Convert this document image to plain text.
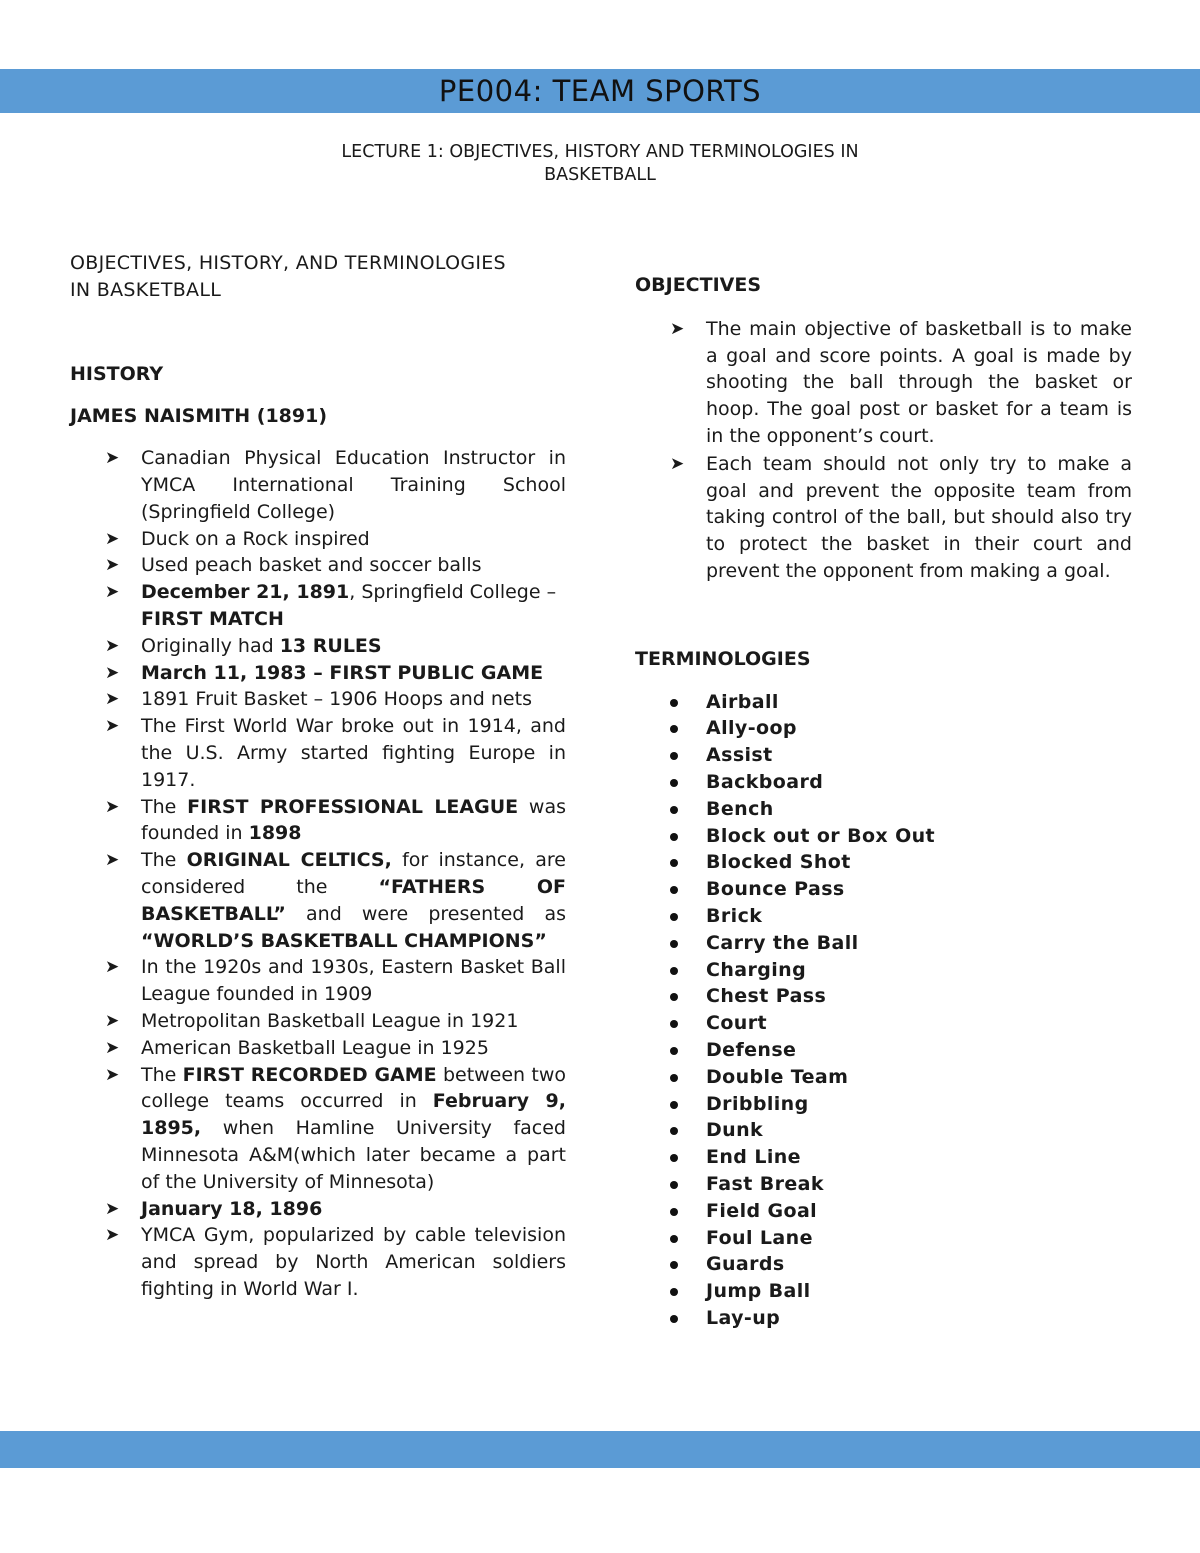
PE004: TEAM SPORTS
LECTURE 1: OBJECTIVES, HISTORY AND TERMINOLOGIES IN
BASKETBALL

OBJECTIVES, HISTORY, AND TERMINOLOGIES
IN BASKETBALL

HISTORY

JAMES NAISMITH (1891)

➤ Canadian Physical Education Instructor in YMCA International Training School (Springfield College)
➤ Duck on a Rock inspired
➤ Used peach basket and soccer balls
➤ December 21, 1891, Springfield College –
FIRST MATCH
➤ Originally had 13 RULES
➤ March 11, 1983 – FIRST PUBLIC GAME
➤ 1891 Fruit Basket – 1906 Hoops and nets
➤ The First World War broke out in 1914, and the U.S. Army started fighting Europe in 1917.
➤ The FIRST PROFESSIONAL LEAGUE was founded in 1898
➤ The ORIGINAL CELTICS, for instance, are considered the “FATHERS OF BASKETBALL” and were presented as “WORLD’S BASKETBALL CHAMPIONS”
➤ In the 1920s and 1930s, Eastern Basket Ball League founded in 1909
➤ Metropolitan Basketball League in 1921
➤ American Basketball League in 1925
➤ The FIRST RECORDED GAME between two college teams occurred in February 9, 1895, when Hamline University faced Minnesota A&M(which later became a part of the University of Minnesota)
➤ January 18, 1896
➤ YMCA Gym, popularized by cable television and spread by North American soldiers fighting in World War I.

OBJECTIVES

➤ The main objective of basketball is to make a goal and score points. A goal is made by shooting the ball through the basket or hoop. The goal post or basket for a team is in the opponent’s court.
➤ Each team should not only try to make a goal and prevent the opposite team from taking control of the ball, but should also try to protect the basket in their court and prevent the opponent from making a goal.

TERMINOLOGIES

Airball
Ally-oop
Assist
Backboard
Bench
Block out or Box Out
Blocked Shot
Bounce Pass
Brick
Carry the Ball
Charging
Chest Pass
Court
Defense
Double Team
Dribbling
Dunk
End Line
Fast Break
Field Goal
Foul Lane
Guards
Jump Ball
Lay-up
